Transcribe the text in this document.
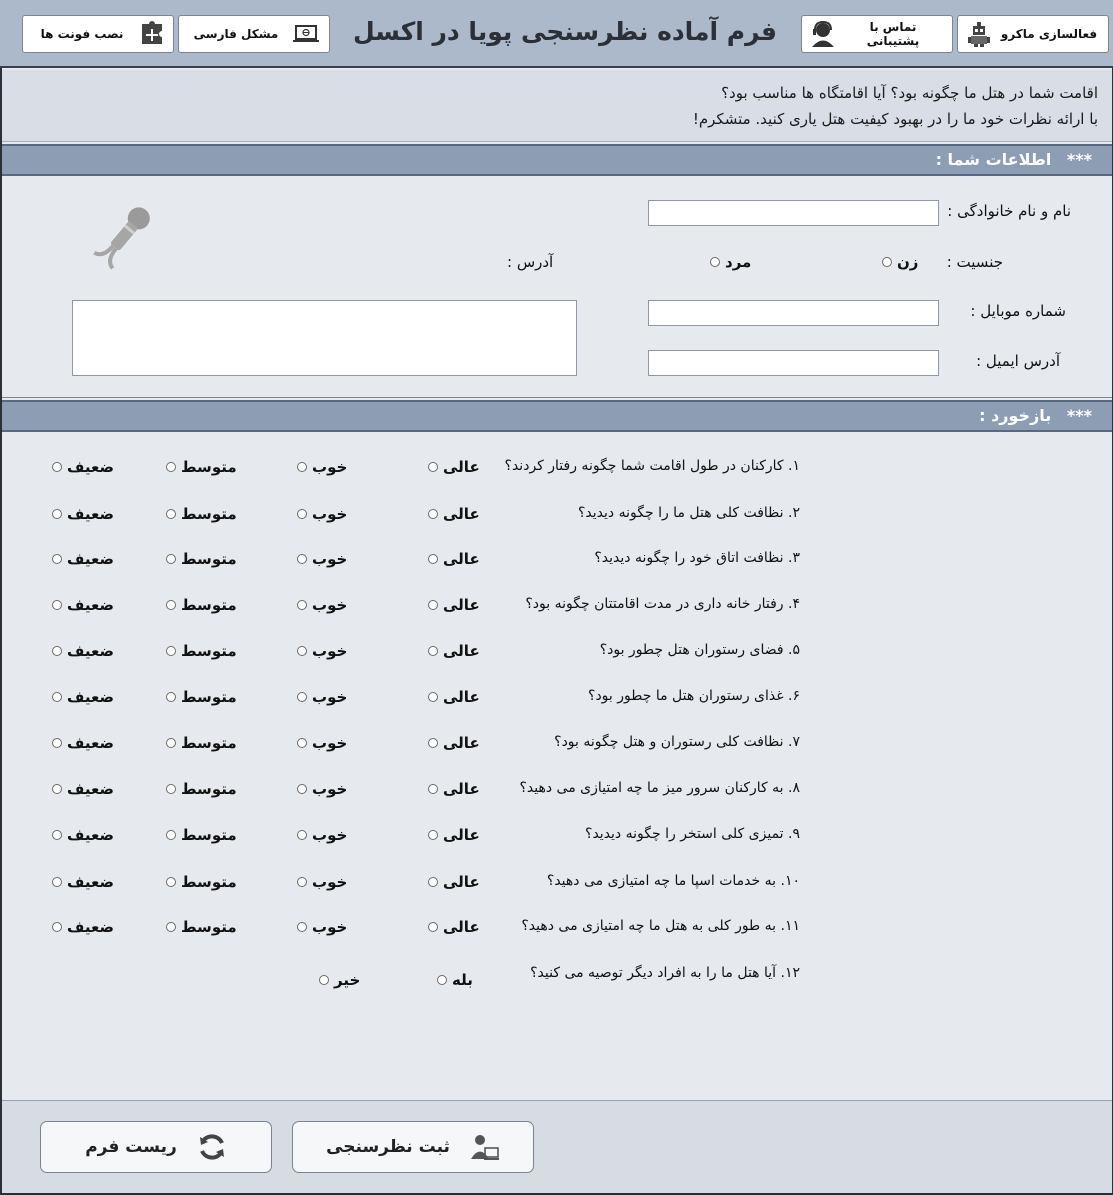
فعالسازی ماکرو
تماس با پشتیبانی
مشکل فارسی
نصب فونت ها	فرم آماده نظرسنجی پویا در اکسل
اقامت شما در هتل ما چگونه بود؟ آیا اقامتگاه ها مناسب بود؟
با ارائه نظرات خود ما را در بهبود کیفیت هتل یاری کنید. متشکرم!
*** اطلاعات شما :
نام و نام خانوادگی :
جنسیت :
زن
مرد
آدرس :
شماره موبایل :
آدرس ایمیل :
*** بازخورد :
۱. کارکنان در طول اقامت شما چگونه رفتار کردند؟
عالی
خوب
متوسط
ضعیف
۲. نظافت کلی هتل ما را چگونه دیدید؟
عالی
خوب
متوسط
ضعیف
۳. نظافت اتاق خود را چگونه دیدید؟
عالی
خوب
متوسط
ضعیف
۴. رفتار خانه داری در مدت اقامتتان چگونه بود؟
عالی
خوب
متوسط
ضعیف
۵. فضای رستوران هتل چطور بود؟
عالی
خوب
متوسط
ضعیف
۶. غذای رستوران هتل ما چطور بود؟
عالی
خوب
متوسط
ضعیف
۷. نظافت کلی رستوران و هتل چگونه بود؟
عالی
خوب
متوسط
ضعیف
۸. به کارکنان سرور میز ما چه امتیازی می دهید؟
عالی
خوب
متوسط
ضعیف
۹. تمیزی کلی استخر را چگونه دیدید؟
عالی
خوب
متوسط
ضعیف
۱۰. به خدمات اسپا ما چه امتیازی می دهید؟
عالی
خوب
متوسط
ضعیف
۱۱. به طور کلی به هتل ما چه امتیازی می دهید؟
عالی
خوب
متوسط
ضعیف
۱۲. آیا هتل ما را به افراد دیگر توصیه می کنید؟
بله
خیر
ثبت نظرسنجی
ریست فرم
